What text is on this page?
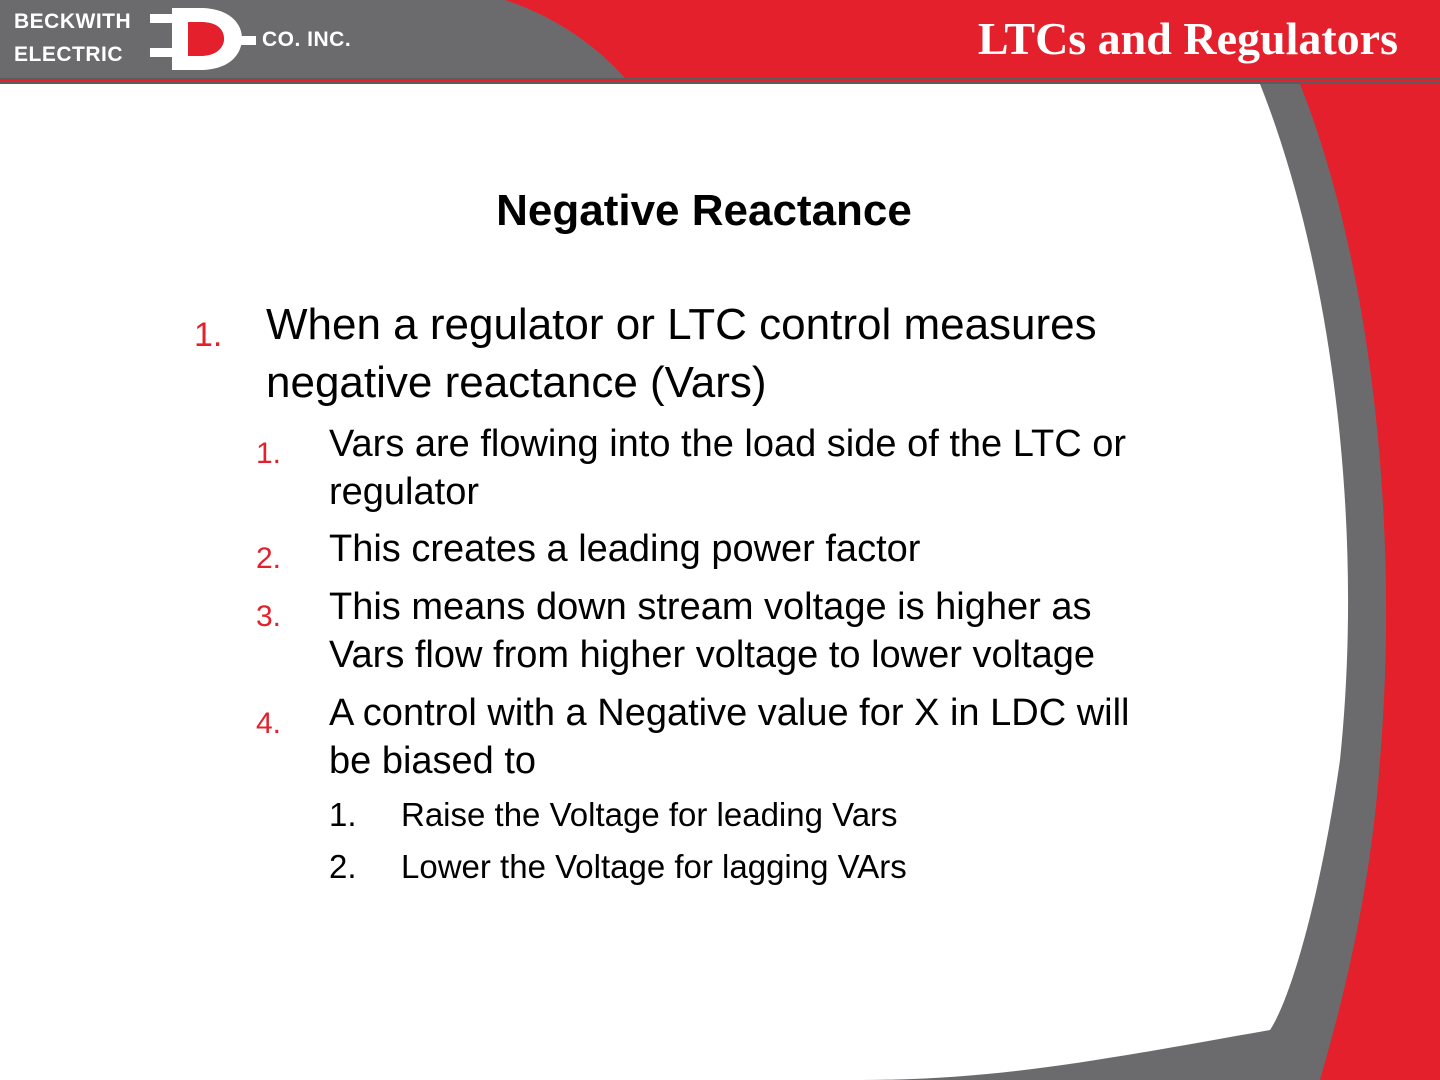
BECKWITH
ELECTRIC
CO. INC.	LTCs and Regulators
Negative Reactance
1. When a regulator or LTC control measures
negative reactance (Vars)
1. Vars are flowing into the load side of the LTC or
regulator
2. This creates a leading power factor
3. This means down stream voltage is higher as
Vars flow from higher voltage to lower voltage
4. A control with a Negative value for X in LDC will
be biased to
1. Raise the Voltage for leading Vars
2. Lower the Voltage for lagging VArs
